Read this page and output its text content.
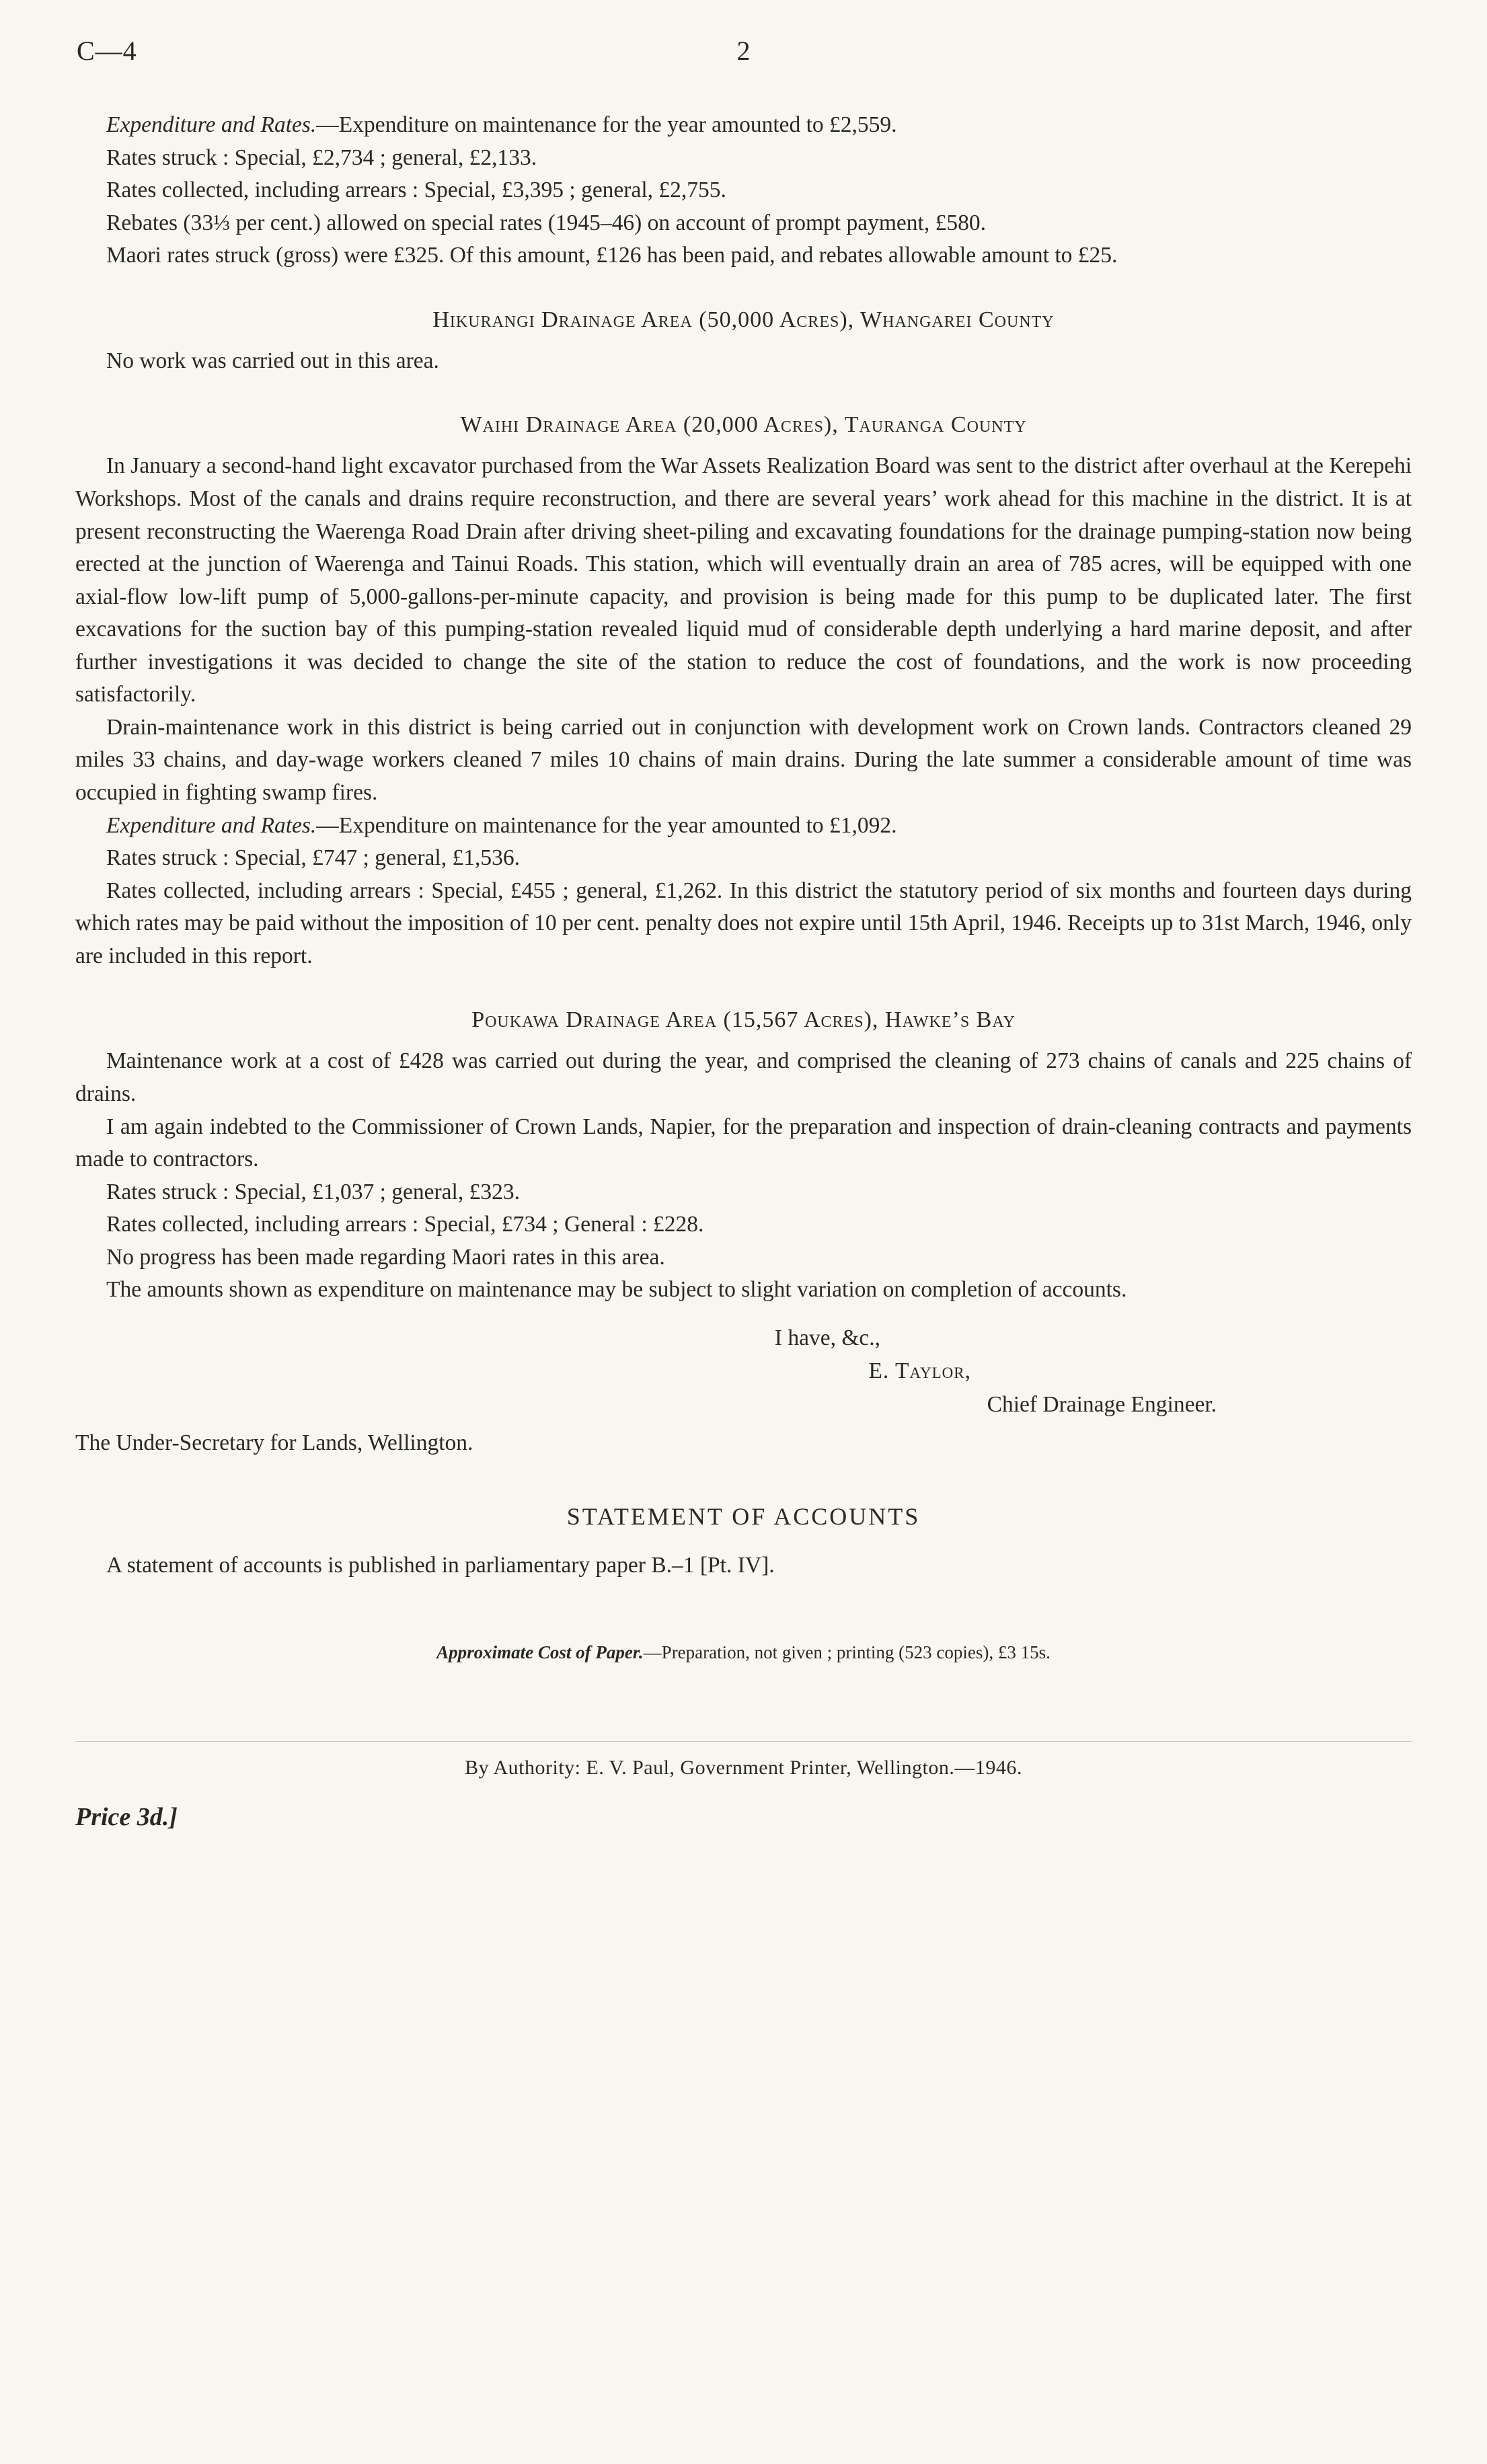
C—4	2

Expenditure and Rates.—Expenditure on maintenance for the year amounted to £2,559.

Rates struck : Special, £2,734 ; general, £2,133.

Rates collected, including arrears : Special, £3,395 ; general, £2,755.

Rebates (33⅓ per cent.) allowed on special rates (1945–46) on account of prompt payment, £580.

Maori rates struck (gross) were £325. Of this amount, £126 has been paid, and rebates allowable amount to £25.

Hikurangi Drainage Area (50,000 Acres), Whangarei County

No work was carried out in this area.

Waihi Drainage Area (20,000 Acres), Tauranga County

In January a second-hand light excavator purchased from the War Assets Realization Board was sent to the district after overhaul at the Kerepehi Workshops. Most of the canals and drains require reconstruction, and there are several years’ work ahead for this machine in the district. It is at present reconstructing the Waerenga Road Drain after driving sheet-piling and excavating foundations for the drainage pumping-station now being erected at the junction of Waerenga and Tainui Roads. This station, which will eventually drain an area of 785 acres, will be equipped with one axial-flow low-lift pump of 5,000-gallons-per-minute capacity, and provision is being made for this pump to be duplicated later. The first excavations for the suction bay of this pumping-station revealed liquid mud of considerable depth underlying a hard marine deposit, and after further investigations it was decided to change the site of the station to reduce the cost of foundations, and the work is now proceeding satisfactorily.

Drain-maintenance work in this district is being carried out in conjunction with development work on Crown lands. Contractors cleaned 29 miles 33 chains, and day-wage workers cleaned 7 miles 10 chains of main drains. During the late summer a considerable amount of time was occupied in fighting swamp fires.

Expenditure and Rates.—Expenditure on maintenance for the year amounted to £1,092.

Rates struck : Special, £747 ; general, £1,536.

Rates collected, including arrears : Special, £455 ; general, £1,262. In this district the statutory period of six months and fourteen days during which rates may be paid without the imposition of 10 per cent. penalty does not expire until 15th April, 1946. Receipts up to 31st March, 1946, only are included in this report.

Poukawa Drainage Area (15,567 Acres), Hawke’s Bay

Maintenance work at a cost of £428 was carried out during the year, and comprised the cleaning of 273 chains of canals and 225 chains of drains.

I am again indebted to the Commissioner of Crown Lands, Napier, for the preparation and inspection of drain-cleaning contracts and payments made to contractors.

Rates struck : Special, £1,037 ; general, £323.

Rates collected, including arrears : Special, £734 ; General : £228.

No progress has been made regarding Maori rates in this area.

The amounts shown as expenditure on maintenance may be subject to slight variation on completion of accounts.

I have, &c.,

E. Taylor,

Chief Drainage Engineer.

The Under-Secretary for Lands, Wellington.

STATEMENT OF ACCOUNTS

A statement of accounts is published in parliamentary paper B.–1 [Pt. IV].

Approximate Cost of Paper.—Preparation, not given ; printing (523 copies), £3 15s.

By Authority: E. V. Paul, Government Printer, Wellington.—1946.

Price 3d.]
